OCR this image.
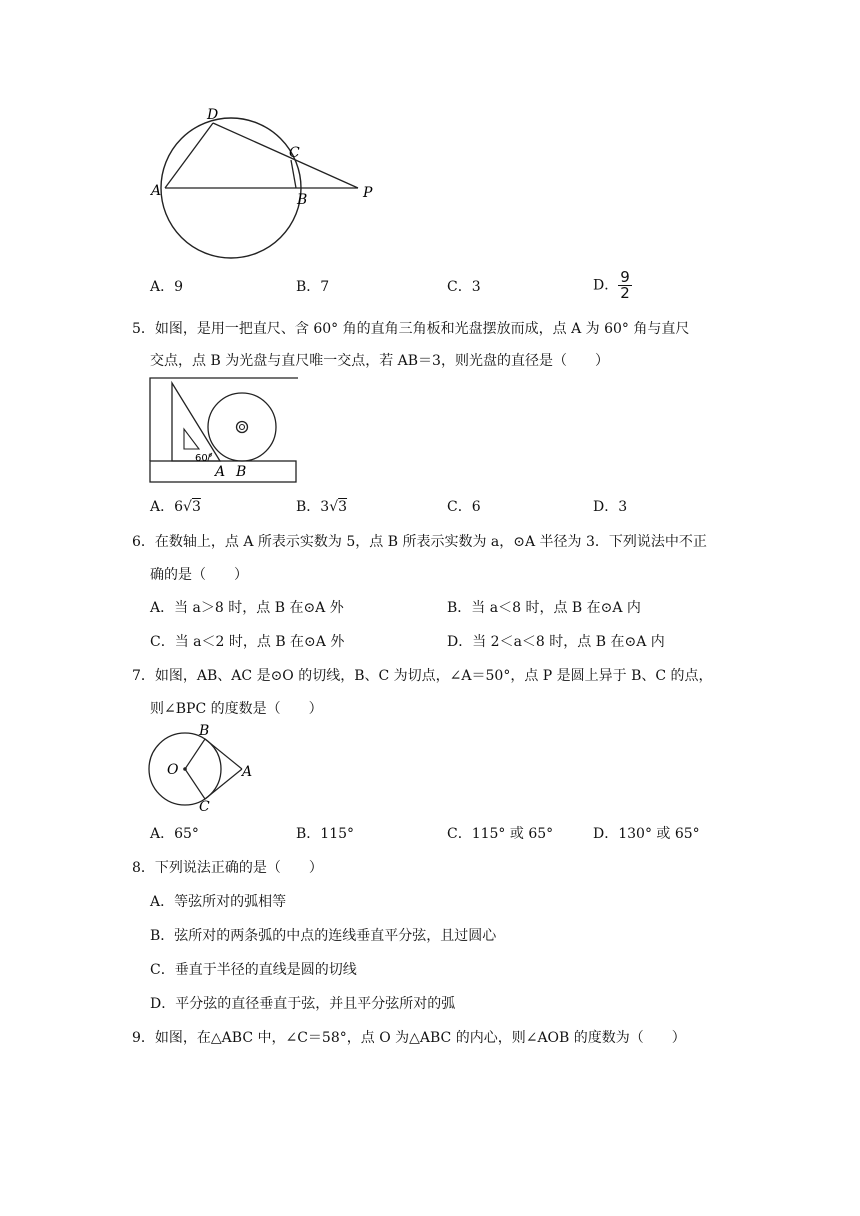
D
C
A
B	P
A．9	B．7	C．3	D． $\frac{9}{2}$
5．如图，是用一把直尺、含 60° 角的直角三角板和光盘摆放而成，点 A 为 60° 角与直尺
交点，点 B 为光盘与直尺唯一交点，若 AB＝3，则光盘的直径是（　　）
60°
A B
A．6√3	B．3√3	C．6	D．3
6．在数轴上，点 A 所表示实数为 5，点 B 所表示实数为 a，⊙A 半径为 3．下列说法中不正
确的是（　　）
A．当 a＞8 时，点 B 在⊙A 外	B．当 a＜8 时，点 B 在⊙A 内
C．当 a＜2 时，点 B 在⊙A 外	D．当 2＜a＜8 时，点 B 在⊙A 内
7．如图，AB、AC 是⊙O 的切线，B、C 为切点，∠A＝50°，点 P 是圆上异于 B、C 的点，
则∠BPC 的度数是（　　）
B
O	A
C
A．65°	B．115°	C．115° 或 65°	D．130° 或 65°
8．下列说法正确的是（　　）
A．等弦所对的弧相等
B．弦所对的两条弧的中点的连线垂直平分弦，且过圆心
C．垂直于半径的直线是圆的切线
D．平分弦的直径垂直于弦，并且平分弦所对的弧
9．如图，在△ABC 中，∠C＝58°，点 O 为△ABC 的内心，则∠AOB 的度数为（　　）
